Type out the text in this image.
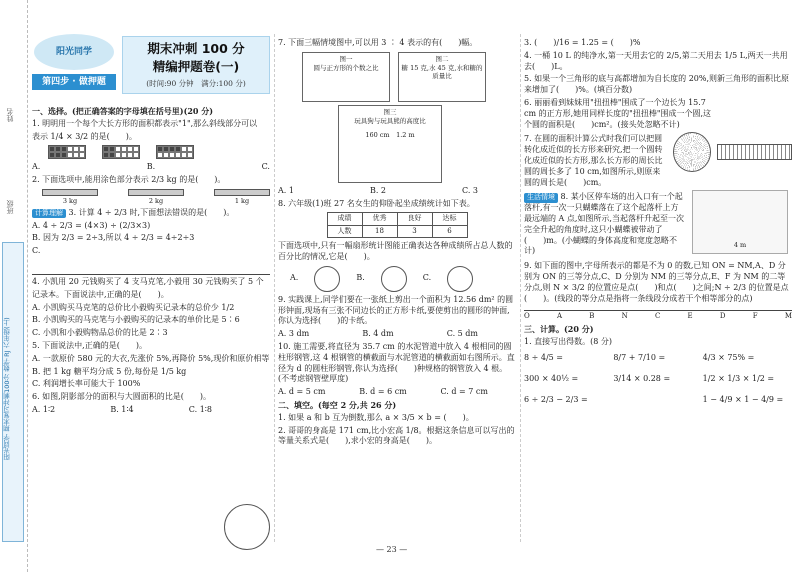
姓名
班级
阳光同学 期末复习冲刺100分 数学 RJ 六年级(上)
阳光同学
第四步 · 做押题
期末冲刺 100 分
精编押题卷(一)
(时间:90 分钟　满分:100 分)

一、选择。(把正确答案的字母填在括号里)(20 分)

1. 明明用一个每个大长方形的面积都表示"1",那么斜线部分可以

表示 1/4 × 3/2 的是(　　)。

A.	B.	C.

2. 下面选项中,能用涂色部分表示 2/3 kg 的是(　　)。

3 kg	2 kg	1 kg

计算理解 3. 计算 4 ÷ 2/3 时,下面想法错误的是(　　)。

A. 4 ÷ 2/3 = (4×3) ÷ (2/3×3)

B. 因为 2/3 = 2÷3,所以 4 ÷ 2/3 = 4÷2÷3

C.

4. 小凯用 20 元钱购买了 4 支马克笔,小毅用 30 元钱购买了 5 个

记录本。下面说法中,正确的是(　　)。

A. 小凯购买马克笔的总价比小毅购买记录本的总价少 1/2

B. 小凯购买的马克笔与小毅购买的记录本的单价比是 5∶6

C. 小凯和小毅购物品总价的比是 2∶3

5. 下面说法中,正确的是(　　)。

A. 一款原价 580 元的大衣,先涨价 5%,再降价 5%,现价和原价相等

B. 把 1 kg 糖平均分成 5 份,每份是 1/5 kg

C. 利润增长率可能大于 100%

6. 如图,阴影部分的面积与大圆面积的比是(　　)。

A. 1∶2	B. 1∶4	C. 1∶8

7. 下面三幅情境图中,可以用 3 ∶ 4 表示的有(　　)幅。

图一
圆与正方形的个数之比
图二
糖 15 克,水 45 克,水和糖的质量比
图三
玩具狗与玩具熊的高度比
160 cm　 1.2 m
A. 1	B. 2	C. 3

8. 六年级(1)班 27 名女生的仰卧起坐成绩统计如下表。

成绩	优秀	良好	达标
人数	18	3	6

下面选项中,只有一幅扇形统计图能正确表达各种成绩所占总人数的百分比的情况,它是(　　)。

A.	B.	C.

9. 实践课上,同学们要在一张纸上剪出一个面积为 12.56 dm² 的圆形钟面,现场有三张不同边长的正方形卡纸,要使剪出的圆形的钟面,你认为选择(　　)的卡纸。

A. 3 dm	B. 4 dm	C. 5 dm

10. 施工需要,将直径为 35.7 cm 的水泥管道中放入 4 根相同的圆柱形钢管,这 4 根钢管的横截面与水泥管道的横截面如右图所示。直径为 d 的圆柱形钢管,你认为选择(　　)种规格的钢管放入 4 根。(不考虑钢管壁厚度)

A. d = 5 cm	B. d = 6 cm	C. d = 7 cm

二、填空。(每空 2 分,共 26 分)

1. 如果 a 和 b 互为倒数,那么 a × 3/5 × b = (　　)。

2. 哥哥的身高是 171 cm,比小宏高 1/8。根据这条信息可以写出的等量关系式是(　　),求小宏的身高是(　　)。

3. (　　)/16 = 1.25 = (　　)%

4. 一桶 10 L 的纯净水,第一天用去它的 2/5,第二天用去 1/5 L,两天一共用去(　　)L。

5. 如果一个三角形的底与高都增加为自长度的 20%,则新三角形的面积比原来增加了(　　)%。(填百分数)

6. 丽丽看到妹妹用"扭扭棒"围成了一个边长为 15.7 cm 的正方形,她用同样长度的"扭扭棒"围成一个圆,这个圆的面积是(　　)cm²。(接头处忽略不计)

7. 在圆的面积计算公式时我们可以把圆转化成近似的长方形来研究,把一个圆转化成近似的长方形,那么长方形的周长比圆的周长多了 10 cm,如图所示,则原来圆的周长是(　　)cm。

生活情境 8. 某小区停车场的出入口有一个起落杆,有一次一只蝴蝶落在了这个起落杆上方最远端的 A 点,如图所示,当起落杆升起至一次完全升起的角度时,这只小蝴蝶被带动了(　　)m。(小蝴蝶的身体高度和宽度忽略不计)

4 m

9. 如下面的图中,字母所表示的都是不为 0 的数,已知 ON = NM,A、D 分别为 ON 的三等分点,C、D 分别为 NM 的三等分点,E、F 为 NM 的二等分点,则 N × 3/2 的位置应是点(　　)和点(　　)之间;N ÷ 2/3 的位置是点(　　)。(线段的等分点是指将一条线段分成若干个相等部分的点)

O	A	B	N	C	E	D	F	M

三、计算。(20 分)

1. 直接写出得数。(8 分)

8 ÷ 4/5 =	8/7 + 7/10 =	4/3 × 75% =
300 × 40½ =	3/14 × 0.28 =	1/2 × 1/3 × 1/2 =
6 ÷ 2/3 − 2/3 =	1 − 4/9 × 1 − 4/9 =
— 23 —
